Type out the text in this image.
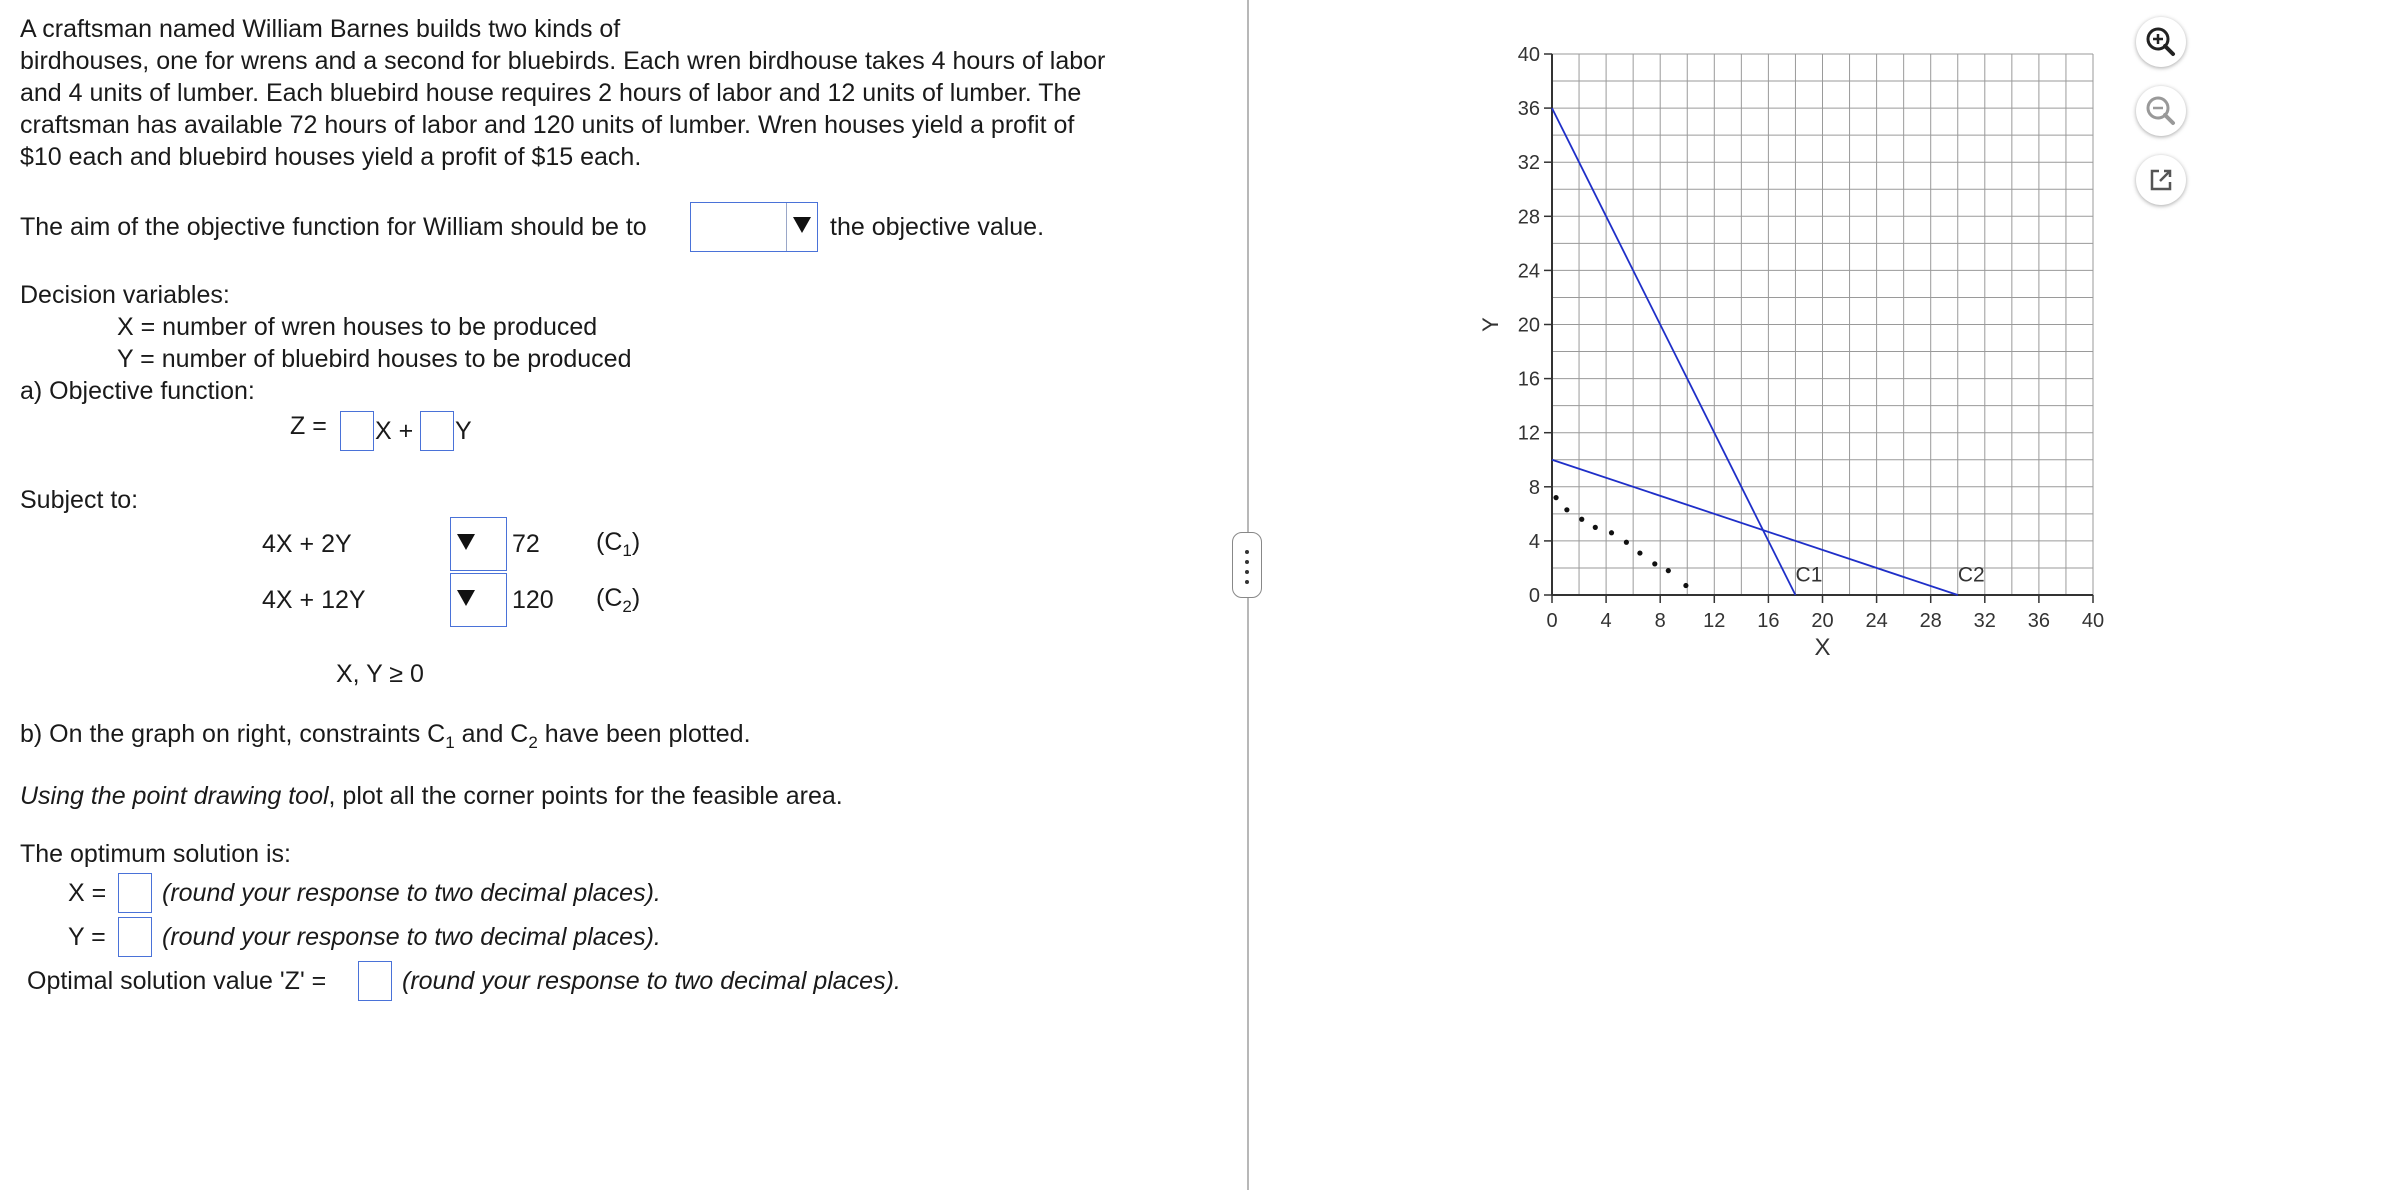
A craftsman named William Barnes builds two kinds of
birdhouses, one for wrens and a second for bluebirds. Each wren birdhouse takes 4 hours of labor
and 4 units of lumber. Each bluebird house requires 2 hours of labor and 12 units of lumber. The
craftsman has available 72 hours of labor and 120 units of lumber. Wren houses yield a profit of
$10 each and bluebird houses yield a profit of $15 each.
The aim of the objective function for William should be to	the objective value.
Decision variables:
X = number of wren houses to be produced
Y = number of bluebird houses to be produced
a) Objective function:
Z = X + Y
Subject to:
4X + 2Y	72 $(C_1)$
4X + 12Y	120 $(C_2)$
X, Y ≥ 0
b) On the graph on right, constraints $C_1$ and $C_2$ have been plotted.
Using the point drawing tool, plot all the corner points for the feasible area.
The optimum solution is:
X = (round your response to two decimal places).
Y = (round your response to two decimal places).
Optimal solution value 'Z' =	(round your response to two decimal places).
0 4 8 12 16 20 24 28 32 36 40
0
4
8
12
16
20
24
28
32
36
40
C1	C2
X
Y
